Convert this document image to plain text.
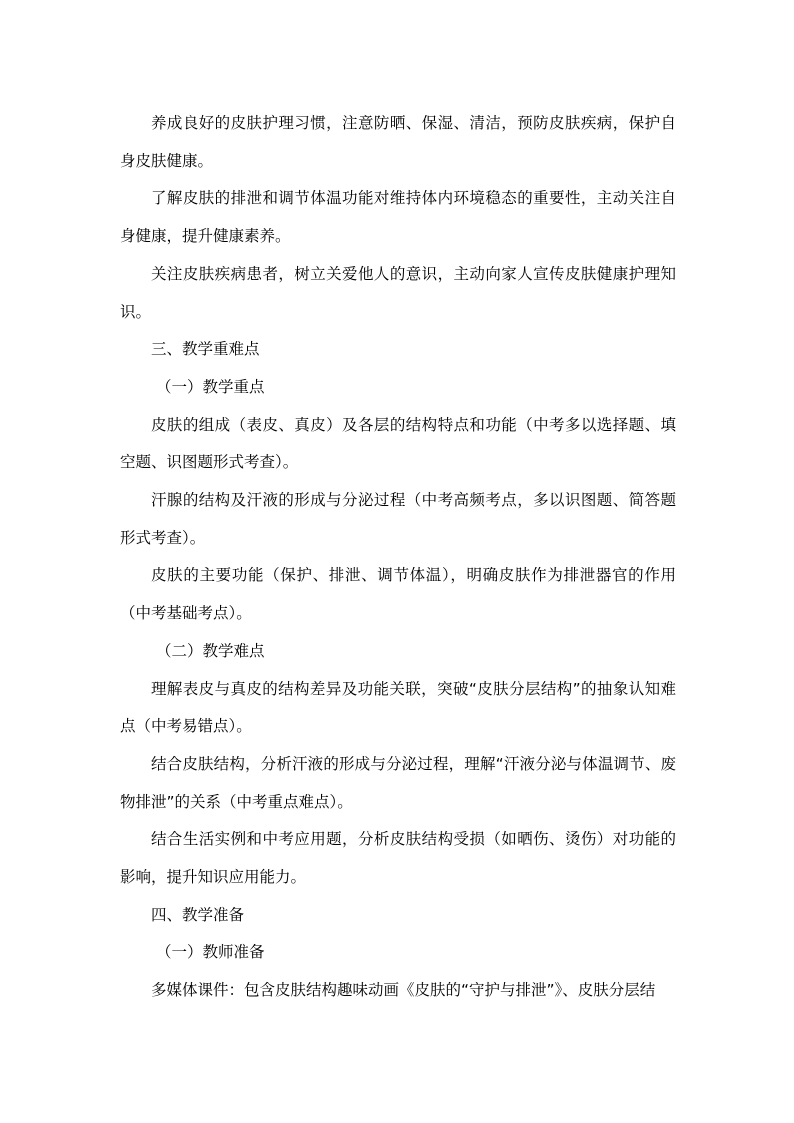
养成良好的皮肤护理习惯，注意防晒、保湿、清洁，预防皮肤疾病，保护自身皮肤健康。

了解皮肤的排泄和调节体温功能对维持体内环境稳态的重要性，主动关注自身健康，提升健康素养。

关注皮肤疾病患者，树立关爱他人的意识，主动向家人宣传皮肤健康护理知识。

三、教学重难点

（一）教学重点

皮肤的组成（表皮、真皮）及各层的结构特点和功能（中考多以选择题、填空题、识图题形式考查）。

汗腺的结构及汗液的形成与分泌过程（中考高频考点，多以识图题、简答题形式考查）。

皮肤的主要功能（保护、排泄、调节体温），明确皮肤作为排泄器官的作用（中考基础考点）。

（二）教学难点

理解表皮与真皮的结构差异及功能关联，突破“皮肤分层结构”的抽象认知难点（中考易错点）。

结合皮肤结构，分析汗液的形成与分泌过程，理解“汗液分泌与体温调节、废物排泄”的关系（中考重点难点）。

结合生活实例和中考应用题，分析皮肤结构受损（如晒伤、烫伤）对功能的影响，提升知识应用能力。

四、教学准备

（一）教师准备

多媒体课件：包含皮肤结构趣味动画《皮肤的“守护与排泄”》、皮肤分层结
